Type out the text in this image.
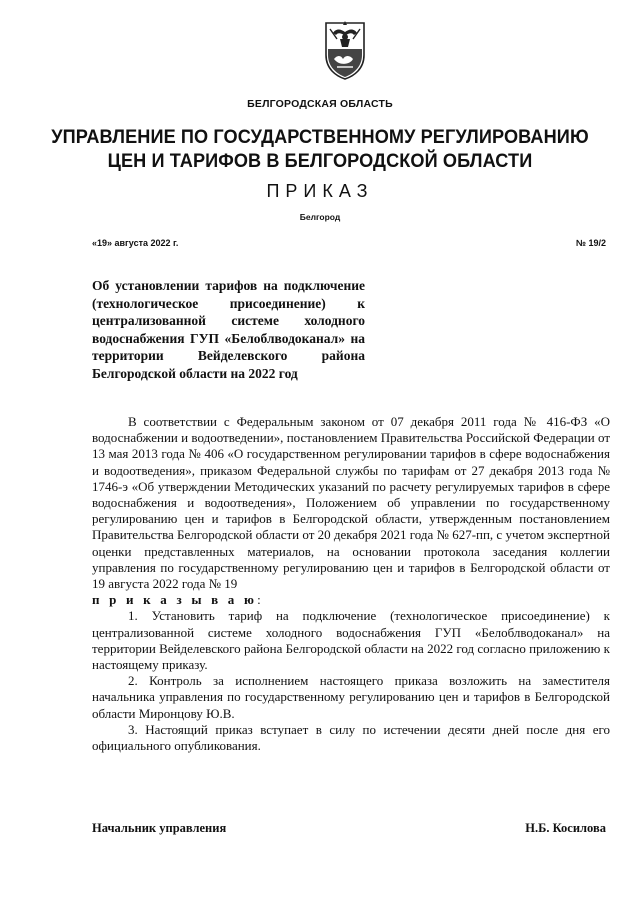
БЕЛГОРОДСКАЯ ОБЛАСТЬ
УПРАВЛЕНИЕ ПО ГОСУДАРСТВЕННОМУ РЕГУЛИРОВАНИЮ
ЦЕН И ТАРИФОВ В БЕЛГОРОДСКОЙ ОБЛАСТИ
ПРИКАЗ
Белгород
«19» августа 2022 г.	№ 19/2
Об установлении тарифов на подключение (технологическое присоединение) к централизованной системе холодного водоснабжения ГУП «Белоблводоканал» на территории Вейделевского района Белгородской области на 2022 год

В соответствии с Федеральным законом от 07 декабря 2011 года № 416-ФЗ «О водоснабжении и водоотведении», постановлением Правительства Российской Федерации от 13 мая 2013 года № 406 «О государственном регулировании тарифов в сфере водоснабжения и водоотведения», приказом Федеральной службы по тарифам от 27 декабря 2013 года № 1746-э «Об утверждении Методических указаний по расчету регулируемых тарифов в сфере водоснабжения и водоотведения», Положением об управлении по государственному регулированию цен и тарифов в Белгородской области, утвержденным постановлением Правительства Белгородской области от 20 декабря 2021 года № 627-пп, с учетом экспертной оценки представленных материалов, на основании протокола заседания коллегии управления по государственному регулированию цен и тарифов в Белгородской области от 19 августа 2022 года № 19

п р и к а з ы в а ю:

1. Установить тариф на подключение (технологическое присоединение) к централизованной системе холодного водоснабжения ГУП «Белоблводоканал» на территории Вейделевского района Белгородской области на 2022 год согласно приложению к настоящему приказу.

2. Контроль за исполнением настоящего приказа возложить на заместителя начальника управления по государственному регулированию цен и тарифов в Белгородской области Миронцову Ю.В.

3. Настоящий приказ вступает в силу по истечении десяти дней после дня его официального опубликования.

Начальник управления	Н.Б. Косилова
